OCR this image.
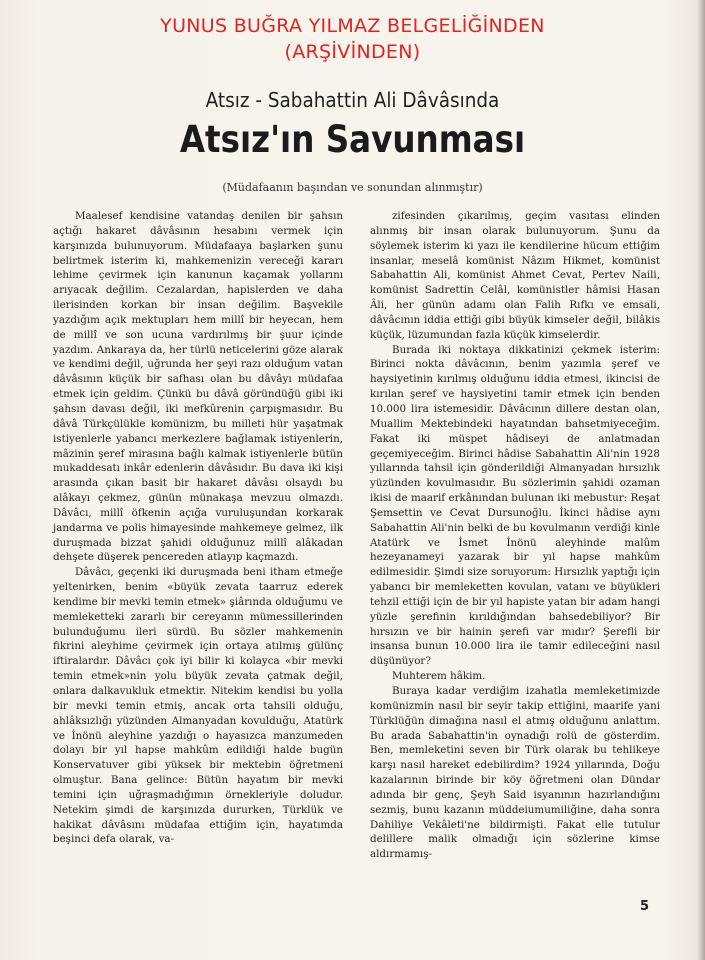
YUNUS BUĞRA YILMAZ BELGELİĞİNDEN
(ARŞİVİNDEN)
Atsız - Sabahattin Ali Dâvâsında
Atsız'ın Savunması
(Müdafaanın başından ve sonundan alınmıştır)

Maalesef kendisine vatandaş denilen bir şahsın açtığı hakaret dâvâsının hesabını vermek için karşınızda bulunuyorum. Müdafaaya başlarken şunu belirtmek isterim ki, mahkemenizin vereceği kararı lehime çevirmek için kanunun kaçamak yollarını arıyacak değilim. Cezalardan, hapislerden ve daha ilerisinden korkan bir insan değilim. Başvekile yazdığım açık mektupları hem millî bir heyecan, hem de millî ve son ucuna vardırılmış bir şuur içinde yazdım. Ankaraya da, her türlü neticelerini göze alarak ve kendimi değil, uğrunda her şeyi razı olduğum vatan dâvâsının küçük bir safhası olan bu dâvâyı müdafaa etmek için geldim. Çünkü bu dâvâ göründüğü gibi iki şahsın davası değil, iki mefkûrenin çarpışmasıdır. Bu dâvâ Türkçülükle komünizm, bu milleti hür yaşatmak istiyenlerle yabancı merkezlere bağlamak istiyenlerin, mâzinin şeref mirasına bağlı kalmak istiyenlerle bütün mukaddesatı inkâr edenlerin dâvâsıdır. Bu dava iki kişi arasında çıkan basit bir hakaret dâvâsı olsaydı bu alâkayı çekmez, günün münakaşa mevzuu olmazdı. Dâvâcı, millî öfkenin açığa vuruluşundan korkarak jandarma ve polis himayesinde mahkemeye gelmez, ilk duruşmada bizzat şahidi olduğunuz millî alâkadan dehşete düşerek pencereden atlayıp kaçmazdı.

Dâvâcı, geçenki iki duruşmada beni itham etmeğe yeltenirken, benim «büyük zevata taarruz ederek kendime bir mevki temin etmek» şiârında olduğumu ve memleketteki zararlı bir cereyanın mümessillerinden bulunduğumu ileri sürdü. Bu sözler mahkemenin fikrini aleyhime çevirmek için ortaya atılmış gülünç iftiralardır. Dâvâcı çok iyi bilir ki kolayca «bir mevki temin etmek»nin yolu büyük zevata çatmak değil, onlara dalkavukluk etmektir. Nitekim kendisi bu yolla bir mevki temin etmiş, ancak orta tahsili olduğu, ahlâksızlığı yüzünden Almanyadan kovulduğu, Atatürk ve İnönü aleyhine yazdığı o hayasızca manzumeden dolayı bir yıl hapse mahkûm edildiği halde bugün Konservatuver gibi yüksek bir mektebin öğretmeni olmuştur. Bana gelince: Bütün hayatım bir mevki temini için uğraşmadığımın örnekleriyle doludur. Netekim şimdi de karşınızda dururken, Türklük ve hakikat dâvâsını müdafaa ettiğim için, hayatımda beşinci defa olarak, va-

zifesinden çıkarılmış, geçim vasıtası elinden alınmış bir insan olarak bulunuyorum. Şunu da söylemek isterim ki yazı ile kendilerine hücum ettiğim insanlar, meselâ komünist Nâzım Hikmet, komünist Sabahattin Ali, komünist Ahmet Cevat, Pertev Naili, komünist Sadrettin Celâl, komünistler hâmisi Hasan Âli, her günün adamı olan Falih Rıfkı ve emsali, dâvâcının iddia ettiği gibi büyük kimseler değil, bilâkis küçük, lüzumundan fazla küçük kimselerdir.

Burada iki noktaya dikkatinizi çekmek isterim: Birinci nokta dâvâcının, benim yazımla şeref ve haysiyetinin kırılmış olduğunu iddia etmesi, ikincisi de kırılan şeref ve haysiyetini tamir etmek için benden 10.000 lira istemesidir. Dâvâcının dillere destan olan, Muallim Mektebindeki hayatından bahsetmiyeceğim. Fakat iki müspet hâdiseyi de anlatmadan geçemiyeceğim. Birinci hâdise Sabahattin Ali'nin 1928 yıllarında tahsil için gönderildiği Almanyadan hırsızlık yüzünden kovulmasıdır. Bu sözlerimin şahidi ozaman ikisi de maarif erkânından bulunan iki mebustur: Reşat Şemsettin ve Cevat Dursunoğlu. İkinci hâdise aynı Sabahattin Ali'nin belki de bu kovulmanın verdiği kinle Atatürk ve İsmet İnönü aleyhinde malûm hezeyanameyi yazarak bir yıl hapse mahkûm edilmesidir. Şimdi size soruyorum: Hırsızlık yaptığı için yabancı bir memleketten kovulan, vatanı ve büyükleri tehzil ettiği için de bir yıl hapiste yatan bir adam hangi yüzle şerefinin kırıldığından bahsedebiliyor? Bir hırsızın ve bir hainin şerefi var mıdır? Şerefli bir insansa bunun 10.000 lira ile tamir edileceğini nasıl düşünüyor?

Muhterem hâkim.

Buraya kadar verdiğim izahatla memleketimizde komünizmin nasıl bir seyir takip ettiğini, maarife yani Türklüğün dimağına nasıl el atmış olduğunu anlattım. Bu arada Sabahattin'in oynadığı rolü de gösterdim. Ben, memleketini seven bir Türk olarak bu tehlikeye karşı nasıl hareket edebilirdim? 1924 yıllarında, Doğu kazalarının birinde bir köy öğretmeni olan Dündar adında bir genç, Şeyh Said isyanının hazırlandığını sezmiş, bunu kazanın müddeiumumiliğine, daha sonra Dahiliye Vekâleti'ne bildirmişti. Fakat elle tutulur delillere malik olmadığı için sözlerine kimse aldırmamış-

5
